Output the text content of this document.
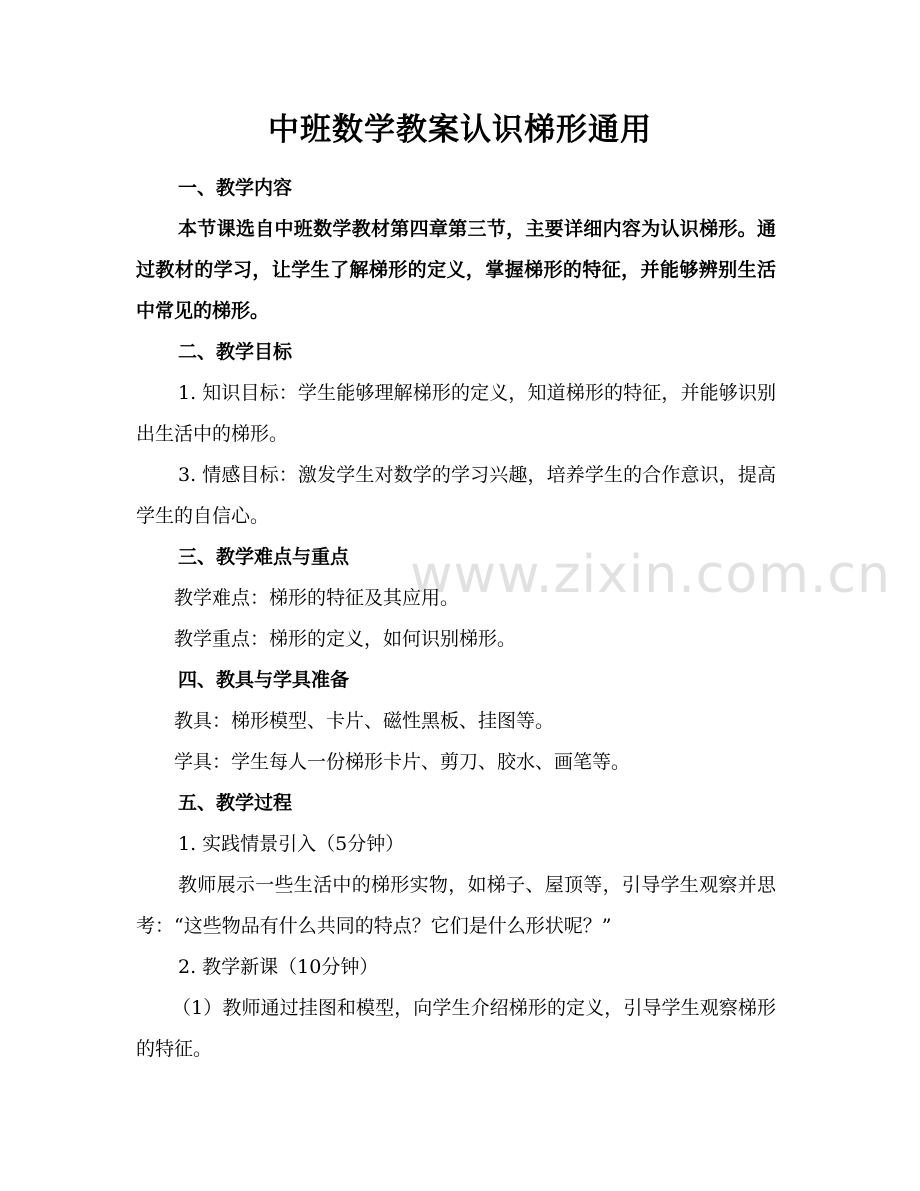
www.zixin.com.cn
中班数学教案认识梯形通用

一、教学内容

本节课选自中班数学教材第四章第三节，主要详细内容为认识梯形。通过教材的学习，让学生了解梯形的定义，掌握梯形的特征，并能够辨别生活中常见的梯形。

二、教学目标

1. 知识目标：学生能够理解梯形的定义，知道梯形的特征，并能够识别出生活中的梯形。

3. 情感目标：激发学生对数学的学习兴趣，培养学生的合作意识，提高学生的自信心。

三、教学难点与重点

教学难点：梯形的特征及其应用。

教学重点：梯形的定义，如何识别梯形。

四、教具与学具准备

教具：梯形模型、卡片、磁性黑板、挂图等。

学具：学生每人一份梯形卡片、剪刀、胶水、画笔等。

五、教学过程

1. 实践情景引入（5分钟）

教师展示一些生活中的梯形实物，如梯子、屋顶等，引导学生观察并思考：“这些物品有什么共同的特点？它们是什么形状呢？”

2. 教学新课（10分钟）

（1）教师通过挂图和模型，向学生介绍梯形的定义，引导学生观察梯形的特征。
